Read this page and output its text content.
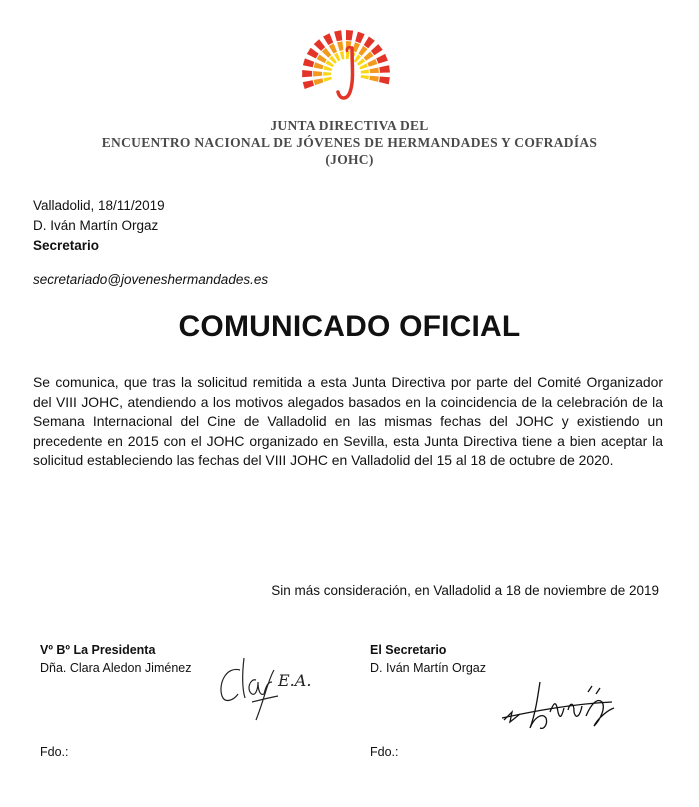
JUNTA DIRECTIVA DEL
ENCUENTRO NACIONAL DE JÓVENES DE HERMANDADES Y COFRADÍAS
(JOHC)
Valladolid, 18/11/2019
D. Iván Martín Orgaz
Secretario
secretariado@joveneshermandades.es
COMUNICADO OFICIAL
Se comunica, que tras la solicitud remitida a esta Junta Directiva por parte del Comité Organizador del VIII JOHC, atendiendo a los motivos alegados basados en la coincidencia de la celebración de la Semana Internacional del Cine de Valladolid en las mismas fechas del JOHC y existiendo un precedente en 2015 con el JOHC organizado en Sevilla, esta Junta Directiva tiene a bien aceptar la solicitud estableciendo las fechas del VIII JOHC en Valladolid del 15 al 18 de octubre de 2020.
Sin más consideración, en Valladolid a 18 de noviembre de 2019
Vº Bº La Presidenta
Dña. Clara Aledon Jiménez
E.A.
Fdo.:
El Secretario
D. Iván Martín Orgaz
Fdo.:
